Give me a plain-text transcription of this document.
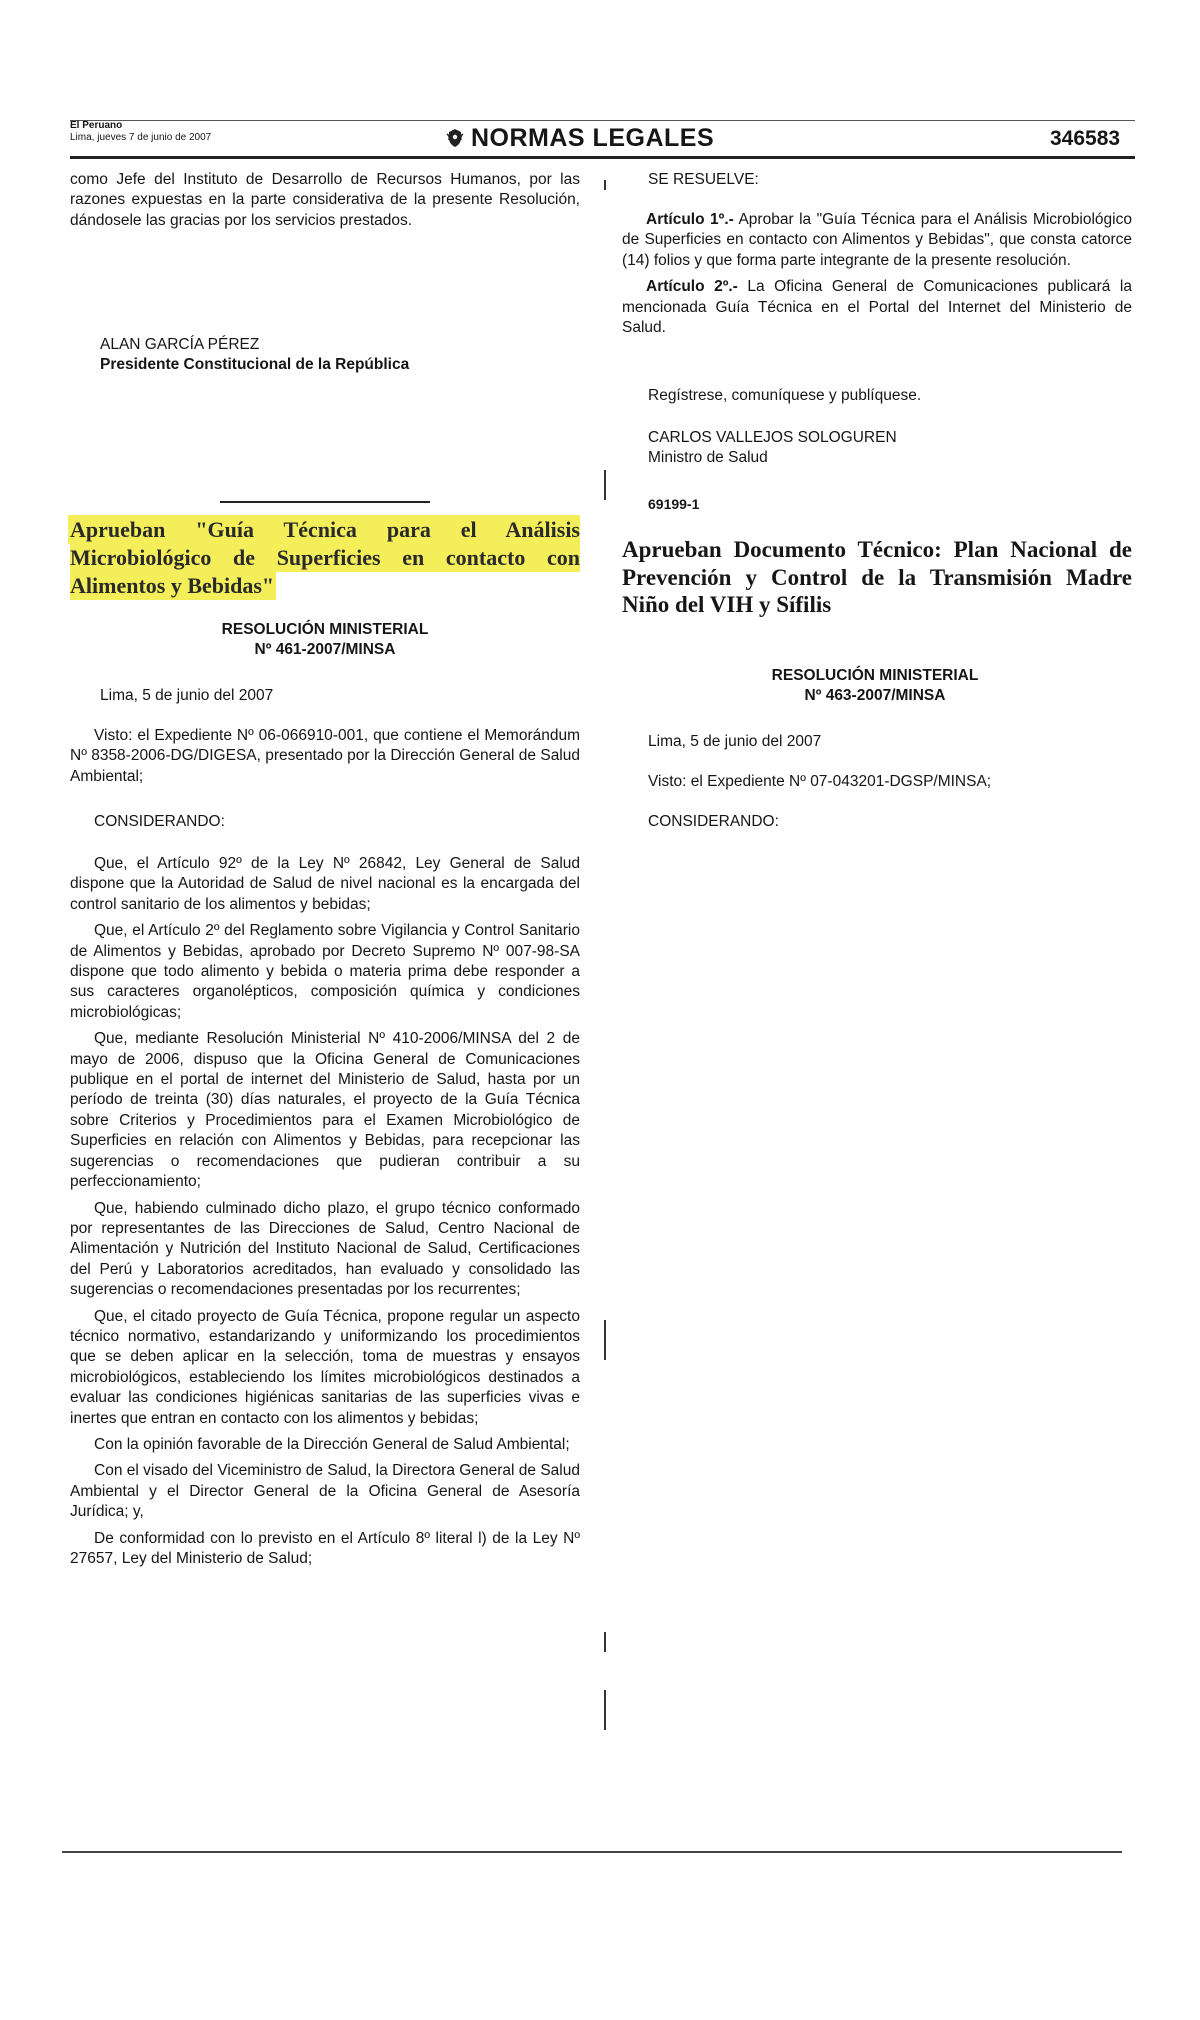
El Peruano
Lima, jueves 7 de junio de 2007	NORMAS LEGALES	346583

como Jefe del Instituto de Desarrollo de Recursos Humanos, por las razones expuestas en la parte considerativa de la presente Resolución, dándosele las gracias por los servicios prestados.

ALAN GARCÍA PÉREZ
Presidente Constitucional de la República
Aprueban "Guía Técnica para el Análisis Microbiológico de Superficies en contacto con Alimentos y Bebidas"
RESOLUCIÓN MINISTERIAL
Nº 461-2007/MINSA
Lima, 5 de junio del 2007

Visto: el Expediente Nº 06-066910-001, que contiene el Memorándum Nº 8358-2006-DG/DIGESA, presentado por la Dirección General de Salud Ambiental;

CONSIDERANDO:

Que, el Artículo 92º de la Ley Nº 26842, Ley General de Salud dispone que la Autoridad de Salud de nivel nacional es la encargada del control sanitario de los alimentos y bebidas;

Que, el Artículo 2º del Reglamento sobre Vigilancia y Control Sanitario de Alimentos y Bebidas, aprobado por Decreto Supremo Nº 007-98-SA dispone que todo alimento y bebida o materia prima debe responder a sus caracteres organolépticos, composición química y condiciones microbiológicas;

Que, mediante Resolución Ministerial Nº 410-2006/MINSA del 2 de mayo de 2006, dispuso que la Oficina General de Comunicaciones publique en el portal de internet del Ministerio de Salud, hasta por un período de treinta (30) días naturales, el proyecto de la Guía Técnica sobre Criterios y Procedimientos para el Examen Microbiológico de Superficies en relación con Alimentos y Bebidas, para recepcionar las sugerencias o recomendaciones que pudieran contribuir a su perfeccionamiento;

Que, habiendo culminado dicho plazo, el grupo técnico conformado por representantes de las Direcciones de Salud, Centro Nacional de Alimentación y Nutrición del Instituto Nacional de Salud, Certificaciones del Perú y Laboratorios acreditados, han evaluado y consolidado las sugerencias o recomendaciones presentadas por los recurrentes;

Que, el citado proyecto de Guía Técnica, propone regular un aspecto técnico normativo, estandarizando y uniformizando los procedimientos que se deben aplicar en la selección, toma de muestras y ensayos microbiológicos, estableciendo los límites microbiológicos destinados a evaluar las condiciones higiénicas sanitarias de las superficies vivas e inertes que entran en contacto con los alimentos y bebidas;

Con la opinión favorable de la Dirección General de Salud Ambiental;

Con el visado del Viceministro de Salud, la Directora General de Salud Ambiental y el Director General de la Oficina General de Asesoría Jurídica; y,

De conformidad con lo previsto en el Artículo 8º literal l) de la Ley Nº 27657, Ley del Ministerio de Salud;

SE RESUELVE:

Artículo 1º.- Aprobar la "Guía Técnica para el Análisis Microbiológico de Superficies en contacto con Alimentos y Bebidas", que consta catorce (14) folios y que forma parte integrante de la presente resolución.

Artículo 2º.- La Oficina General de Comunicaciones publicará la mencionada Guía Técnica en el Portal del Internet del Ministerio de Salud.

Regístrese, comuníquese y publíquese.
CARLOS VALLEJOS SOLOGUREN
Ministro de Salud
69199-1
Aprueban Documento Técnico: Plan Nacional de Prevención y Control de la Transmisión Madre Niño del VIH y Sífilis
RESOLUCIÓN MINISTERIAL
Nº 463-2007/MINSA
Lima, 5 de junio del 2007
Visto: el Expediente Nº 07-043201-DGSP/MINSA;
CONSIDERANDO:
